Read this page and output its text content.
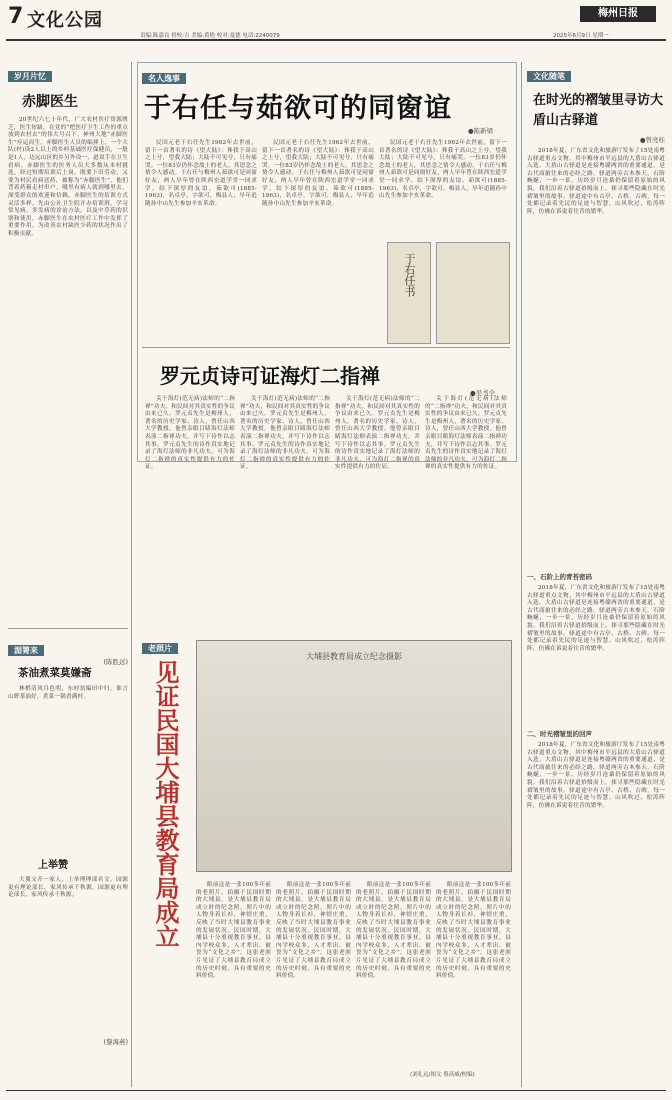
7 文化公园
责编:陈嘉良 督校:吉 美编:黄艳 校对:曼德 电话:2240079
梅州日报
2025年6月9日 星期一
岁月片忆
赤脚医生

20世纪六七十年代，广大农村医疗资源匮乏，医生短缺。在党的“把医疗卫生工作的重点放到农村去”的伟大号召下，神州大地“赤脚医生”应运而生。赤脚医生人员的编排上，一个大队(村)设2人以上的乡村基础医疗保健员，一般是1人，边远山区的乡另外设一、道双手在卫生看病。赤脚医生的医务人员大多数从本村挑选，经过短期培训后上岗，既要下田劳动，又要为村民看病送药，被称为“赤脚医生”。他们背着药箱走村串户，哪里有病人就到哪里去，深受群众的欢迎和信赖。赤脚医生的培训方式灵活多样，先由公社卫生院开办培训班，学习常见病、多发病的诊治方法，以及中草药的识别和使用。赤脚医生在农村医疗工作中发挥了重要作用，为改善农村缺医少药的状况作出了积极贡献。

(陈胜远)
湄箐来
茶油煮菜莫嫌斋

林梢清风月色明，东村翁媪田中归。谁言山野茶油好，煮菜一锅香满村。

上举赞

大冀文开一家人，上举理理部名文。园源更有理论部长，家风传承千秋源。园源更有理论部长，家风传承千秋源。

(黎海燕)
名人逸事
于右任与茹欲可的同窗谊
●陈新梁

民国元老于右任先生1962年去世前，留下一首著名的诗《望大陆》：葬我于高山之上兮，望我大陆；大陆不可见兮，只有痛哭。一位83岁仍怀念故土的老人，其思念之情令人感动。于右任与梅州人茹欲可是同窗好友，两人早年曾在陕西宏道学堂一同求学，结下深厚的友谊。茹欲可(1885-1963)，名卓亭，字欲可，梅县人，早年追随孙中山先生参加辛亥革命。

民国元老于右任先生1962年去世前，留下一首著名的诗《望大陆》：葬我于高山之上兮，望我大陆；大陆不可见兮，只有痛哭。一位83岁仍怀念故土的老人，其思念之情令人感动。于右任与梅州人茹欲可是同窗好友，两人早年曾在陕西宏道学堂一同求学，结下深厚的友谊。茹欲可(1885-1963)，名卓亭，字欲可，梅县人，早年追随孙中山先生参加辛亥革命。

民国元老于右任先生1962年去世前，留下一首著名的诗《望大陆》：葬我于高山之上兮，望我大陆；大陆不可见兮，只有痛哭。一位83岁仍怀念故土的老人，其思念之情令人感动。于右任与梅州人茹欲可是同窗好友，两人早年曾在陕西宏道学堂一同求学，结下深厚的友谊。茹欲可(1885-1963)，名卓亭，字欲可，梅县人，早年追随孙中山先生参加辛亥革命。

于右任书
罗元贞诗可证海灯二指禅
●吴书全

关于海灯(范无病)法师的“二指禅”功夫，和民间对其真实性的争议由来已久。罗元贞先生是梅州人，著名的历史学家、诗人，曾任山西大学教授。他曾亲眼目睹海灯法师表演二指禅功夫，并写下诗作以志其事。罗元贞先生的诗作真实地记录了海灯法师的非凡功夫，可为海灯二指禅的真实性提供有力的佐证。

关于海灯(范无病)法师的“二指禅”功夫，和民间对其真实性的争议由来已久。罗元贞先生是梅州人，著名的历史学家、诗人，曾任山西大学教授。他曾亲眼目睹海灯法师表演二指禅功夫，并写下诗作以志其事。罗元贞先生的诗作真实地记录了海灯法师的非凡功夫，可为海灯二指禅的真实性提供有力的佐证。

关于海灯(范无病)法师的“二指禅”功夫，和民间对其真实性的争议由来已久。罗元贞先生是梅州人，著名的历史学家、诗人，曾任山西大学教授。他曾亲眼目睹海灯法师表演二指禅功夫，并写下诗作以志其事。罗元贞先生的诗作真实地记录了海灯法师的非凡功夫，可为海灯二指禅的真实性提供有力的佐证。

关于海灯(范无病)法师的“二指禅”功夫，和民间对其真实性的争议由来已久。罗元贞先生是梅州人，著名的历史学家、诗人，曾任山西大学教授。他曾亲眼目睹海灯法师表演二指禅功夫，并写下诗作以志其事。罗元贞先生的诗作真实地记录了海灯法师的非凡功夫，可为海灯二指禅的真实性提供有力的佐证。

老照片
见证民国大埔县教育局成立
大埔县教育局成立纪念摄影

眼前这是一张100多年前的老照片，拍摄于民国时期的大埔县，是大埔县教育局成立时的纪念照。照片中的人物身着长衫，神情庄重，反映了当时大埔县教育事业的发展状况。民国时期，大埔县十分重视教育事业，县内学校众多，人才辈出，被誉为“文化之乡”。这张老照片见证了大埔县教育局成立的历史时刻，具有重要的史料价值。

眼前这是一张100多年前的老照片，拍摄于民国时期的大埔县，是大埔县教育局成立时的纪念照。照片中的人物身着长衫，神情庄重，反映了当时大埔县教育事业的发展状况。民国时期，大埔县十分重视教育事业，县内学校众多，人才辈出，被誉为“文化之乡”。这张老照片见证了大埔县教育局成立的历史时刻，具有重要的史料价值。

眼前这是一张100多年前的老照片，拍摄于民国时期的大埔县，是大埔县教育局成立时的纪念照。照片中的人物身着长衫，神情庄重，反映了当时大埔县教育事业的发展状况。民国时期，大埔县十分重视教育事业，县内学校众多，人才辈出，被誉为“文化之乡”。这张老照片见证了大埔县教育局成立的历史时刻，具有重要的史料价值。

眼前这是一张100多年前的老照片，拍摄于民国时期的大埔县，是大埔县教育局成立时的纪念照。照片中的人物身着长衫，神情庄重，反映了当时大埔县教育事业的发展状况。民国时期，大埔县十分重视教育事业，县内学校众多，人才辈出，被誉为“文化之乡”。这张老照片见证了大埔县教育局成立的历史时刻，具有重要的史料价值。

(刘礼远/图文 蔡高威/校编)
文化随笔
在时光的褶皱里寻访大盾山古驿道
●曾亮桂

2018年夏，广东省文化和旅游厅发布了15处南粤古驿道重点文物，其中梅州市平远县的大盾山古驿道入选。大盾山古驿道是连接粤赣两省的重要通道，是古代商旅往来的必经之路。驿道两旁古木参天，石阶蜿蜒，一步一景，历经岁月沧桑仍保留着原始的风貌。我们沿着古驿道拾级而上，探寻那些隐藏在时光褶皱里的故事。驿道途中有古亭、古桥、古碑，每一处都记录着先民的足迹与智慧。山风吹过，松涛阵阵，仿佛在诉说着往昔的繁华。

一、石阶上的青苔密码

2018年夏，广东省文化和旅游厅发布了15处南粤古驿道重点文物，其中梅州市平远县的大盾山古驿道入选。大盾山古驿道是连接粤赣两省的重要通道，是古代商旅往来的必经之路。驿道两旁古木参天，石阶蜿蜒，一步一景，历经岁月沧桑仍保留着原始的风貌。我们沿着古驿道拾级而上，探寻那些隐藏在时光褶皱里的故事。驿道途中有古亭、古桥、古碑，每一处都记录着先民的足迹与智慧。山风吹过，松涛阵阵，仿佛在诉说着往昔的繁华。

二、时光褶皱里的回声

2018年夏，广东省文化和旅游厅发布了15处南粤古驿道重点文物，其中梅州市平远县的大盾山古驿道入选。大盾山古驿道是连接粤赣两省的重要通道，是古代商旅往来的必经之路。驿道两旁古木参天，石阶蜿蜒，一步一景，历经岁月沧桑仍保留着原始的风貌。我们沿着古驿道拾级而上，探寻那些隐藏在时光褶皱里的故事。驿道途中有古亭、古桥、古碑，每一处都记录着先民的足迹与智慧。山风吹过，松涛阵阵，仿佛在诉说着往昔的繁华。
